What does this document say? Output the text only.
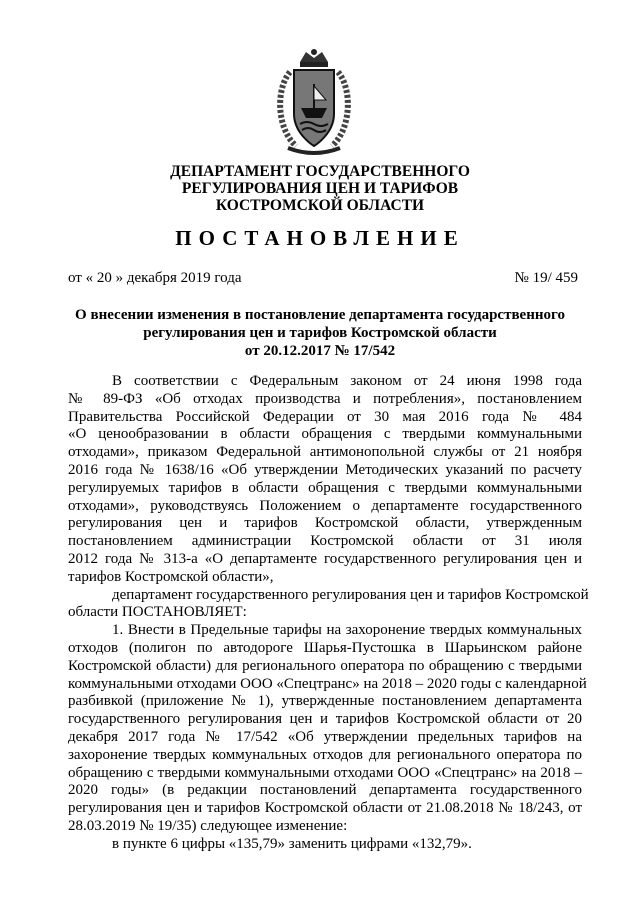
ДЕПАРТАМЕНТ ГОСУДАРСТВЕННОГО
РЕГУЛИРОВАНИЯ ЦЕН И ТАРИФОВ
КОСТРОМСКОЙ ОБЛАСТИ
ПОСТАНОВЛЕНИЕ
от « 20 » декабря 2019 года	№ 19/ 459
О внесении изменения в постановление департамента государственного
регулирования цен и тарифов Костромской области
от 20.12.2017 № 17/542
В соответствии с Федеральным законом от 24 июня 1998 года
№ 89-ФЗ «Об отходах производства и потребления», постановлением
Правительства Российской Федерации от 30 мая 2016 года № 484
«О ценообразовании в области обращения с твердыми коммунальными
отходами», приказом Федеральной антимонопольной службы от 21 ноября
2016 года № 1638/16 «Об утверждении Методических указаний по расчету
регулируемых тарифов в области обращения с твердыми коммунальными
отходами», руководствуясь Положением о департаменте государственного
регулирования цен и тарифов Костромской области, утвержденным
постановлением администрации Костромской области от 31 июля
2012 года № 313-а «О департаменте государственного регулирования цен и
тарифов Костромской области»,
департамент государственного регулирования цен и тарифов Костромской
области ПОСТАНОВЛЯЕТ:
1. Внести в Предельные тарифы на захоронение твердых коммунальных
отходов (полигон по автодороге Шарья-Пустошка в Шарьинском районе
Костромской области) для регионального оператора по обращению с твердыми
коммунальными отходами ООО «Спецтранс» на 2018 – 2020 годы с календарной
разбивкой (приложение № 1), утвержденные постановлением департамента
государственного регулирования цен и тарифов Костромской области от 20
декабря 2017 года № 17/542 «Об утверждении предельных тарифов на
захоронение твердых коммунальных отходов для регионального оператора по
обращению с твердыми коммунальными отходами ООО «Спецтранс» на 2018 –
2020 годы» (в редакции постановлений департамента государственного
регулирования цен и тарифов Костромской области от 21.08.2018 № 18/243, от
28.03.2019 № 19/35) следующее изменение:
в пункте 6 цифры «135,79» заменить цифрами «132,79».
